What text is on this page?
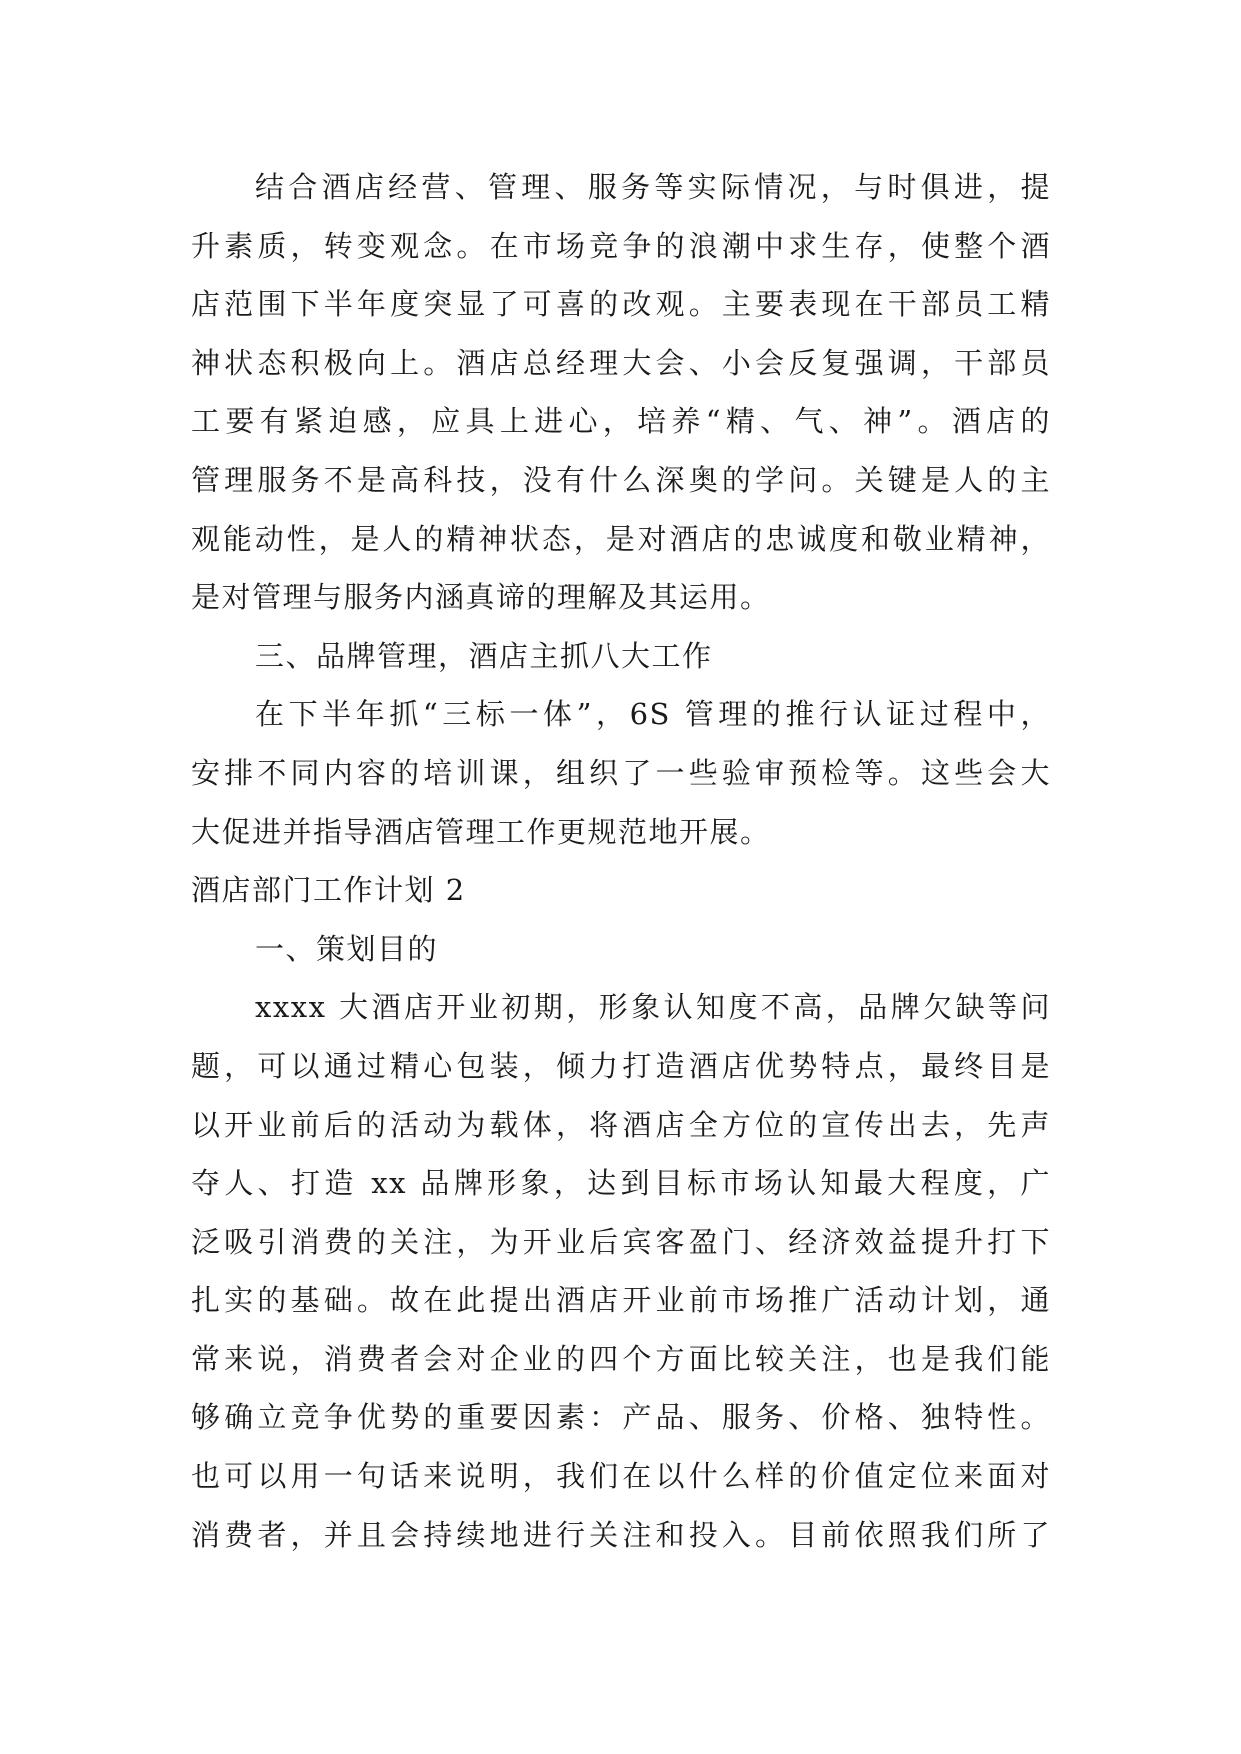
结合酒店经营、管理、服务等实际情况，与时俱进，提
升素质，转变观念。在市场竞争的浪潮中求生存，使整个酒
店范围下半年度突显了可喜的改观。主要表现在干部员工精
神状态积极向上。酒店总经理大会、小会反复强调，干部员
工要有紧迫感，应具上进心，培养“精、气、神”。酒店的
管理服务不是高科技，没有什么深奥的学问。关键是人的主
观能动性，是人的精神状态，是对酒店的忠诚度和敬业精神，
是对管理与服务内涵真谛的理解及其运用。
三、品牌管理，酒店主抓八大工作
在下半年抓“三标一体”，6S 管理的推行认证过程中，
安排不同内容的培训课，组织了一些验审预检等。这些会大
大促进并指导酒店管理工作更规范地开展。
酒店部门工作计划 2
一、策划目的
xxxx 大酒店开业初期，形象认知度不高，品牌欠缺等问
题，可以通过精心包装，倾力打造酒店优势特点，最终目是
以开业前后的活动为载体，将酒店全方位的宣传出去，先声
夺人、打造 xx 品牌形象，达到目标市场认知最大程度，广
泛吸引消费的关注，为开业后宾客盈门、经济效益提升打下
扎实的基础。故在此提出酒店开业前市场推广活动计划，通
常来说，消费者会对企业的四个方面比较关注，也是我们能
够确立竞争优势的重要因素：产品、服务、价格、独特性。
也可以用一句话来说明，我们在以什么样的价值定位来面对
消费者，并且会持续地进行关注和投入。目前依照我们所了
